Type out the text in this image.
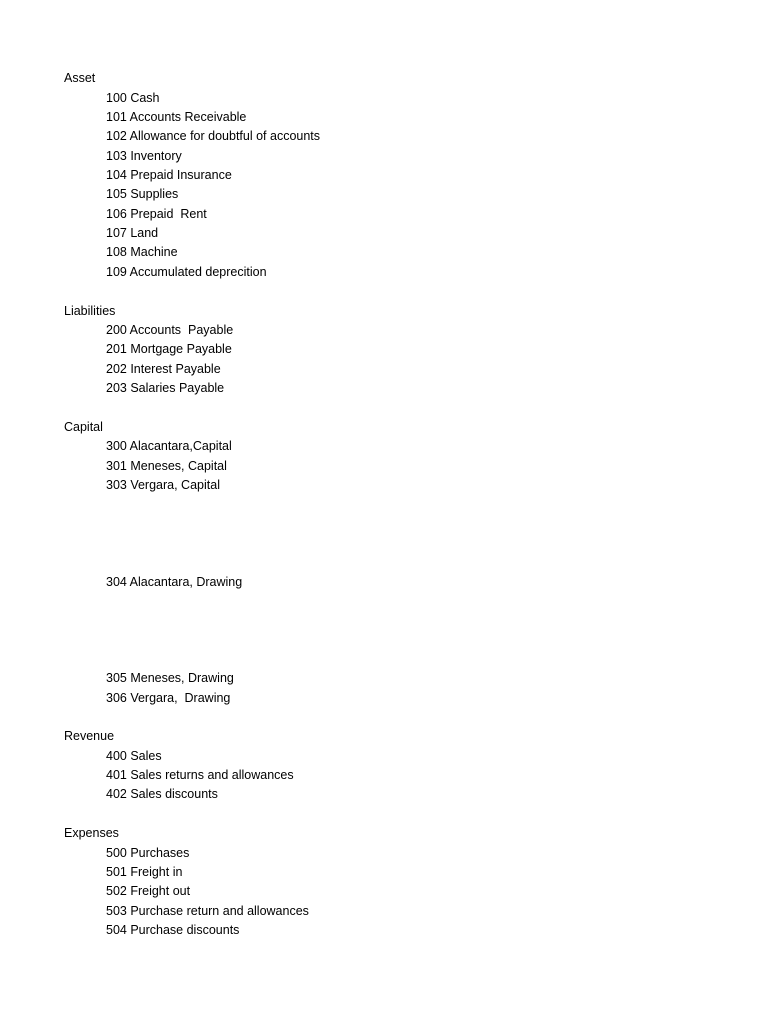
Asset
100 Cash
101 Accounts Receivable
102 Allowance for doubtful of accounts
103 Inventory
104 Prepaid Insurance
105 Supplies
106 Prepaid  Rent
107 Land
108 Machine
109 Accumulated deprecition
Liabilities
200 Accounts  Payable
201 Mortgage Payable
202 Interest Payable
203 Salaries Payable
Capital
300 Alacantara,Capital
301 Meneses, Capital
303 Vergara, Capital
304 Alacantara, Drawing
305 Meneses, Drawing
306 Vergara,  Drawing
Revenue
400 Sales
401 Sales returns and allowances
402 Sales discounts
Expenses
500 Purchases
501 Freight in
502 Freight out
503 Purchase return and allowances
504 Purchase discounts
